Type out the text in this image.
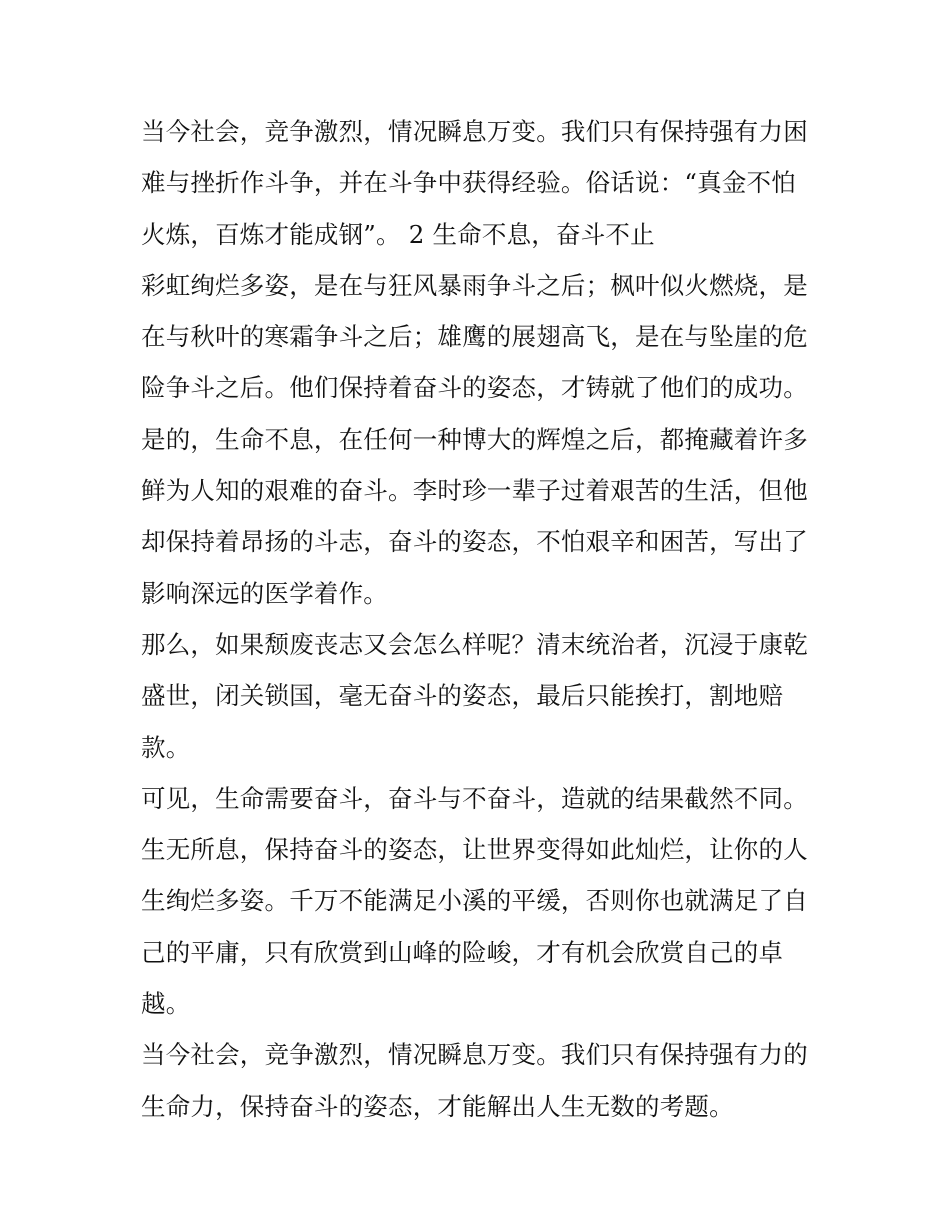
当今社会，竞争激烈，情况瞬息万变。我们只有保持强有力困
难与挫折作斗争，并在斗争中获得经验。俗话说：“真金不怕
火炼，百炼才能成钢”。 2 生命不息，奋斗不止
彩虹绚烂多姿，是在与狂风暴雨争斗之后；枫叶似火燃烧，是
在与秋叶的寒霜争斗之后；雄鹰的展翅高飞，是在与坠崖的危
险争斗之后。他们保持着奋斗的姿态，才铸就了他们的成功。
是的，生命不息，在任何一种博大的辉煌之后，都掩藏着许多
鲜为人知的艰难的奋斗。李时珍一辈子过着艰苦的生活，但他
却保持着昂扬的斗志，奋斗的姿态，不怕艰辛和困苦，写出了
影响深远的医学着作。
那么，如果颓废丧志又会怎么样呢？清末统治者，沉浸于康乾
盛世，闭关锁国，毫无奋斗的姿态，最后只能挨打，割地赔
款。
可见，生命需要奋斗，奋斗与不奋斗，造就的结果截然不同。
生无所息，保持奋斗的姿态，让世界变得如此灿烂，让你的人
生绚烂多姿。千万不能满足小溪的平缓，否则你也就满足了自
己的平庸，只有欣赏到山峰的险峻，才有机会欣赏自己的卓
越。
当今社会，竞争激烈，情况瞬息万变。我们只有保持强有力的
生命力，保持奋斗的姿态，才能解出人生无数的考题。
